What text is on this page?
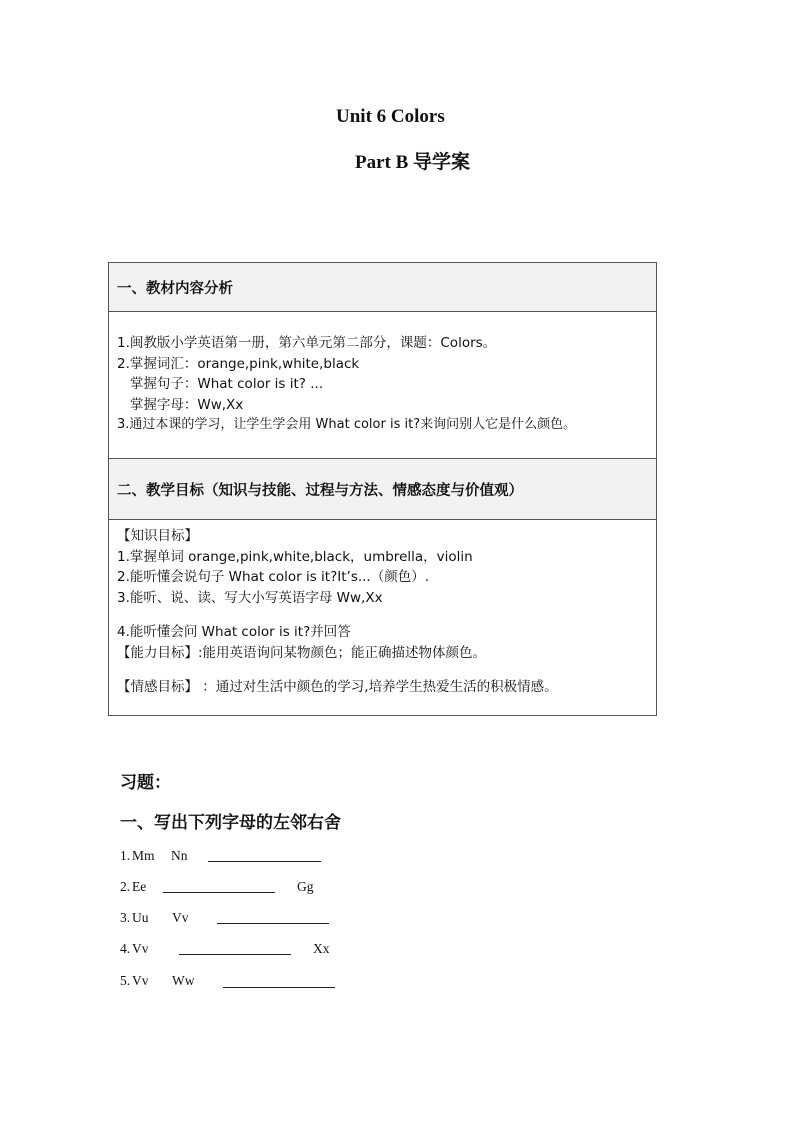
Unit 6 Colors
Part B 导学案
一、教材内容分析

1.闽教版小学英语第一册，第六单元第二部分，课题：Colors。
2.掌握词汇：orange,pink,white,black
掌握句子：What color is it? ...
掌握字母：Ww,Xx
3.通过本课的学习，让学生学会用 What color is it?来询问别人它是什么颜色。

二、教学目标（知识与技能、过程与方法、情感态度与价值观）

【知识目标】
1.掌握单词 orange,pink,white,black，umbrella，violin
2.能听懂会说句子 What color is it?It’s...（颜色）.
3.能听、说、读、写大小写英语字母 Ww,Xx
4.能听懂会问 What color is it?并回答
【能力目标】:能用英语询问某物颜色；能正确描述物体颜色。
【情感目标】 ：通过对生活中颜色的学习,培养学生热爱生活的积极情感。
习题：
一、写出下列字母的左邻右舍
1. Mm Nn
2. Ee	Gg
3. Uu Vv
4. Vv	Xx
5. Vv Ww
